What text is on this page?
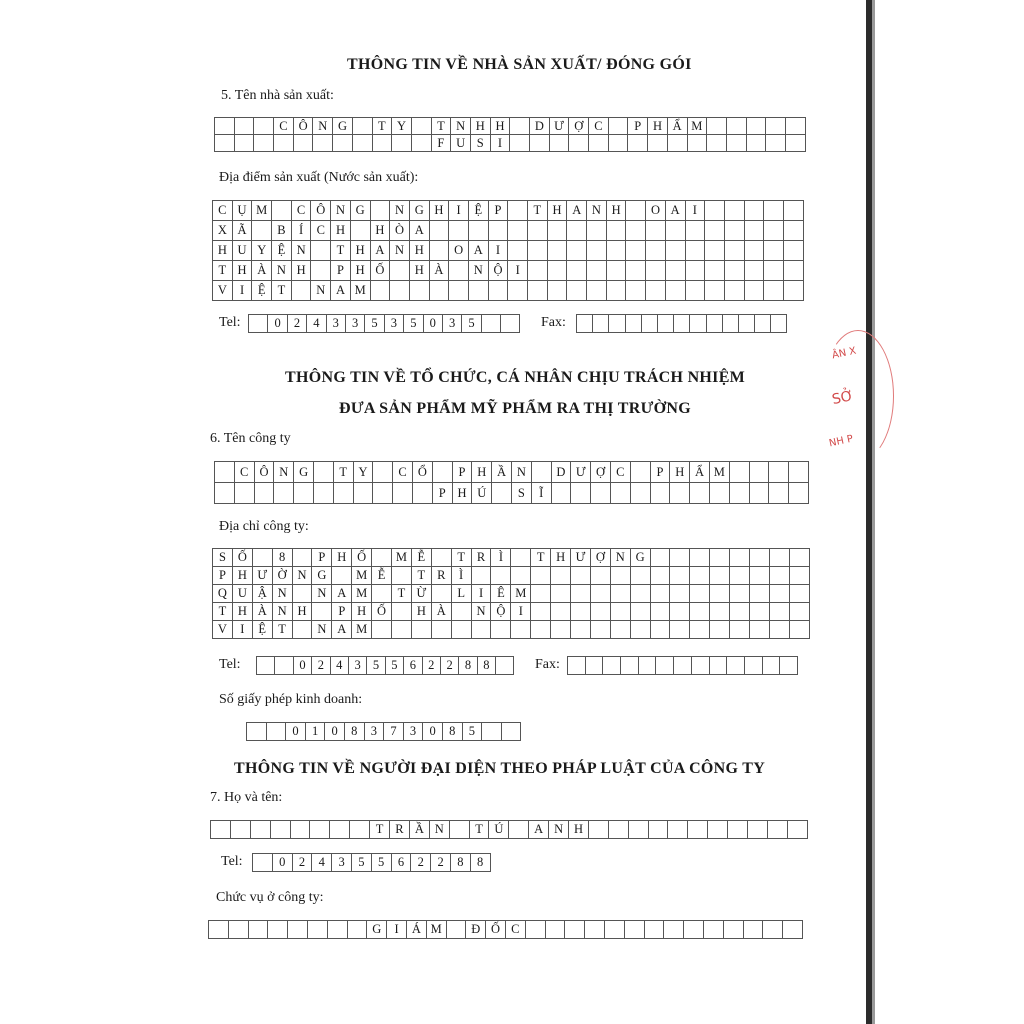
THÔNG TIN VỀ NHÀ SẢN XUẤT/ ĐÓNG GÓI
5. Tên nhà sản xuất:
C Ô N G	T Y	T N H H	D Ư Ợ C	P H Ẩ M
F U S	I
Địa điểm sản xuất (Nước sản xuất):
C Ụ M	C Ô N G	N G H	I	Ệ P	T H A N H	O A	I
X Ã	B	Í	C H	H Ò A
H U Y Ệ N	T H A N H	O A	I
T H À N H	P H Ố	H À	N Ộ	I
V	I	Ệ T	N A M
Tel:	0	2	4	3	3	5	3	5	0	3	5	Fax:
THÔNG TIN VỀ TỔ CHỨC, CÁ NHÂN CHỊU TRÁCH NHIỆM
ĐƯA SẢN PHẨM MỸ PHẨM RA THỊ TRƯỜNG
6. Tên công ty
C Ô N G	T Y	C Ổ	P H Ầ N	D Ư Ợ C	P H Ẩ M
P H Ú	S	Ĩ
Địa chỉ công ty:
S Ố	8	P H Ố	M Ễ	T R	Ì	T H Ư Ợ N G
P H Ư Ờ N G	M Ễ	T R	Ì
Q U Ậ N	N A M	T Ừ	L	I	Ê M
T H À N H	P H Ố	H À	N Ộ	I
V	I	Ệ T	N A M
Tel:	0 2 4 3 5 5 6 2 2 8 8	Fax:
Số giấy phép kinh doanh:
0	1	0	8	3	7	3	0	8	5
THÔNG TIN VỀ NGƯỜI ĐẠI DIỆN THEO PHÁP LUẬT CỦA CÔNG TY
7. Họ và tên:
T R Ầ N	T Ú	A N H
Tel:	0	2	4	3	5	5	6	2	2	8	8
Chức vụ ở công ty:
G	I	Á M	Đ Ố C
ÂN X
SỞ
NH P
